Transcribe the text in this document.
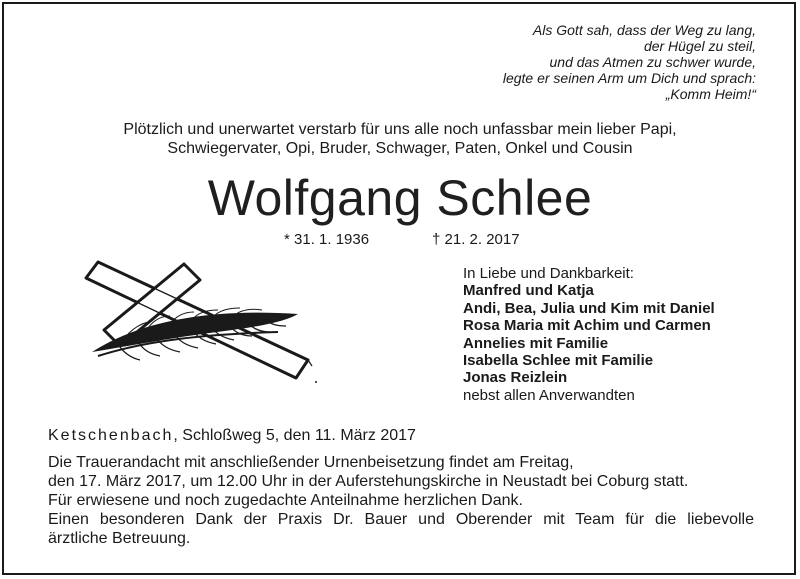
Als Gott sah, dass der Weg zu lang,
der Hügel zu steil,
und das Atmen zu schwer wurde,
legte er seinen Arm um Dich und sprach:
„Komm Heim!“
Plötzlich und unerwartet verstarb für uns alle noch unfassbar mein lieber Papi,
Schwiegervater, Opi, Bruder, Schwager, Paten, Onkel und Cousin
Wolfgang Schlee
* 31. 1. 1936	† 21. 2. 2017
In Liebe und Dankbarkeit:
Manfred und Katja
Andi, Bea, Julia und Kim mit Daniel
Rosa Maria mit Achim und Carmen
Annelies mit Familie
Isabella Schlee mit Familie
Jonas Reizlein
nebst allen Anverwandten
Ketschenbach, Schloßweg 5, den 11. März 2017
Die Trauerandacht mit anschließender Urnenbeisetzung findet am Freitag,
den 17. März 2017, um 12.00 Uhr in der Auferstehungskirche in Neustadt bei Coburg statt.
Für erwiesene und noch zugedachte Anteilnahme herzlichen Dank.
Einen besonderen Dank der Praxis Dr. Bauer und Oberender mit Team für die liebevolle
ärztliche Betreuung.
